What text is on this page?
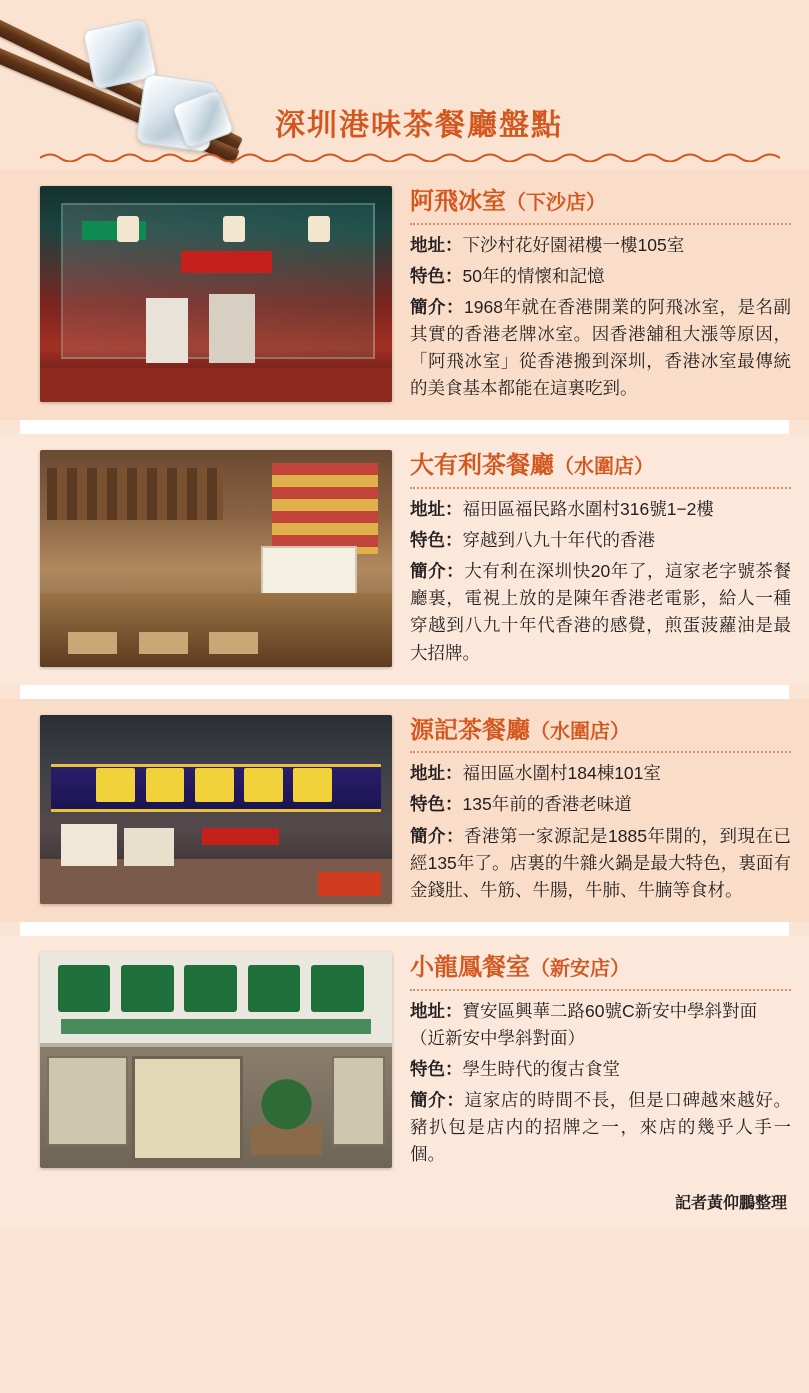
深圳港味茶餐廳盤點
阿飛冰室（下沙店）
地址：下沙村花好園裙樓一樓105室
特色：50年的情懷和記憶
簡介：1968年就在香港開業的阿飛冰室，是名副其實的香港老牌冰室。因香港舖租大漲等原因，「阿飛冰室」從香港搬到深圳，香港冰室最傳統的美食基本都能在這裏吃到。
大有利茶餐廳（水圍店）
地址：福田區福民路水圍村316號1−2樓
特色：穿越到八九十年代的香港
簡介：大有利在深圳快20年了，這家老字號茶餐廳裏，電視上放的是陳年香港老電影，給人一種穿越到八九十年代香港的感覺，煎蛋菠蘿油是最大招牌。
源記茶餐廳（水圍店）
地址：福田區水圍村184棟101室
特色：135年前的香港老味道
簡介：香港第一家源記是1885年開的，到現在已經135年了。店裏的牛雜火鍋是最大特色，裏面有金錢肚、牛筋、牛腸，牛肺、牛腩等食材。
小龍鳳餐室（新安店）
地址：寶安區興華二路60號C新安中學斜對面（近新安中學斜對面）
特色：學生時代的復古食堂
簡介：這家店的時間不長，但是口碑越來越好。豬扒包是店内的招牌之一，來店的幾乎人手一個。
記者黃仰鵬整理
